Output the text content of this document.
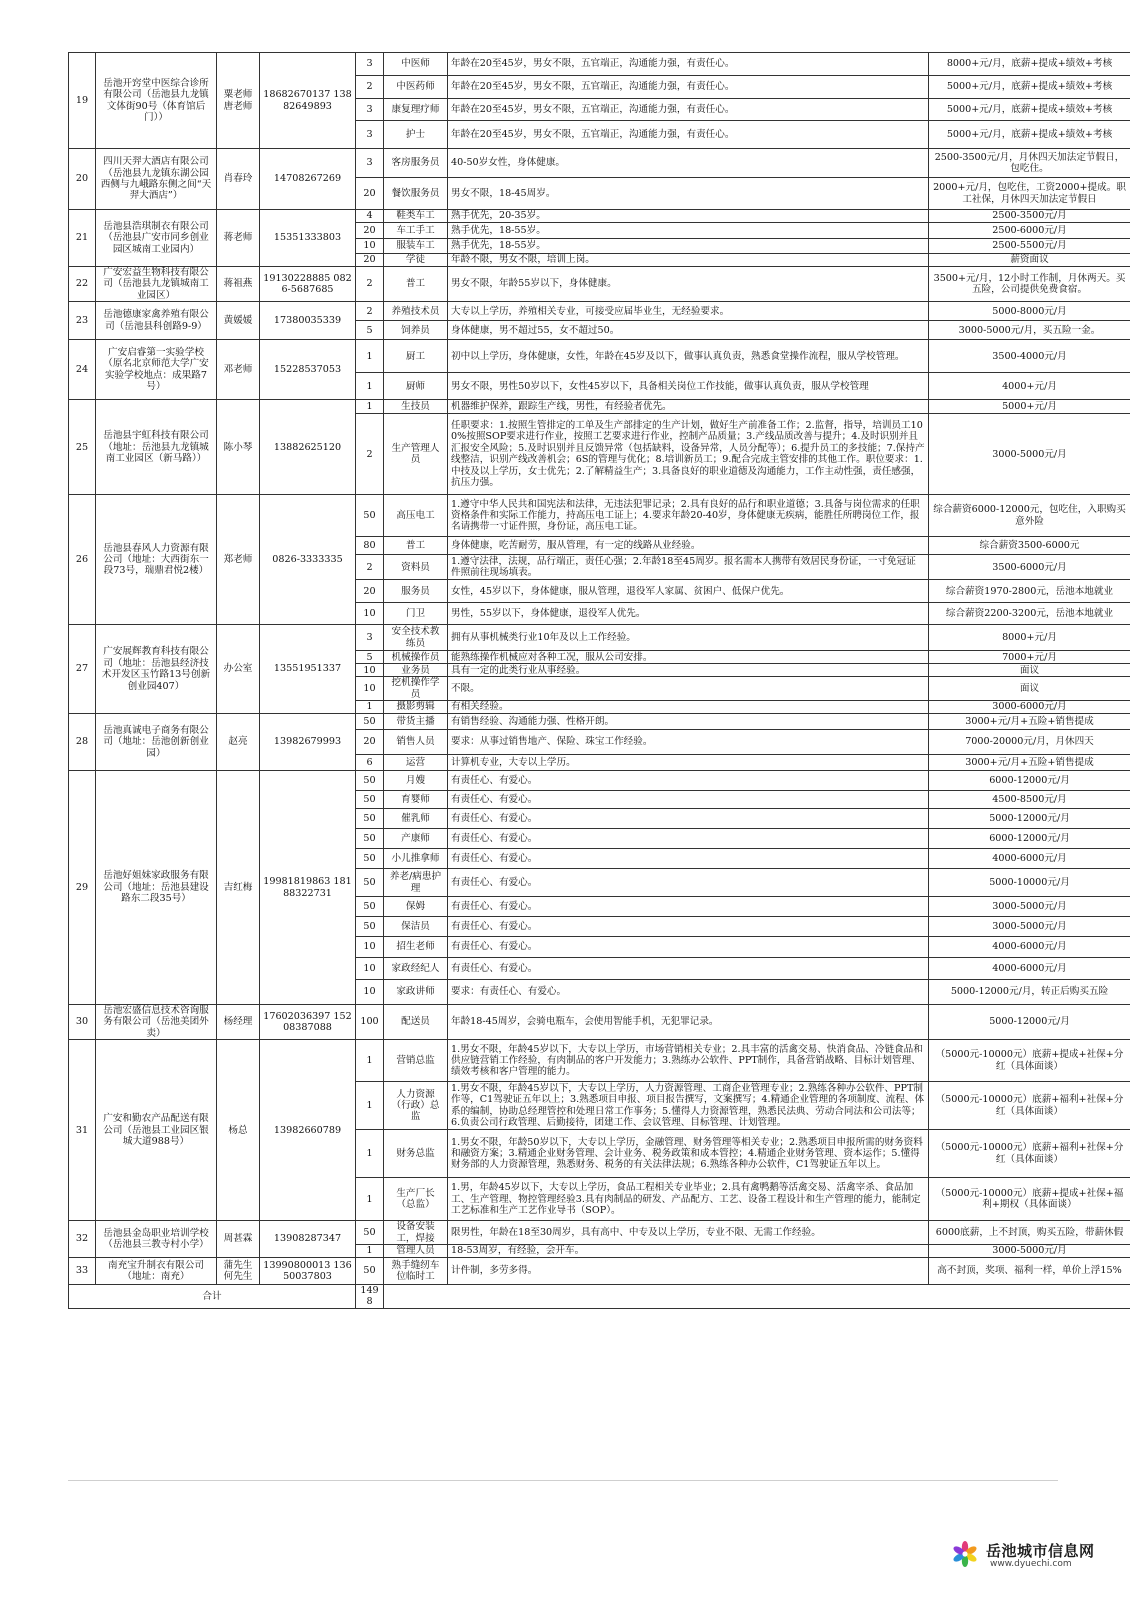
19	岳池开窍堂中医综合诊所有限公司（岳池县九龙镇文体街90号（体育馆后门））	粟老师 唐老师	18682670137 13882649893	3	中医师	年龄在20至45岁，男女不限，五官端正，沟通能力强，有责任心。	8000+元/月，底薪+提成+绩效+考核
				2	中医药师	年龄在20至45岁，男女不限，五官端正，沟通能力强，有责任心。	5000+元/月，底薪+提成+绩效+考核
				3	康复理疗师	年龄在20至45岁，男女不限，五官端正，沟通能力强，有责任心。	5000+元/月，底薪+提成+绩效+考核
				3	护士	年龄在20至45岁，男女不限，五官端正，沟通能力强，有责任心。	5000+元/月，底薪+提成+绩效+考核
20	四川天羿大酒店有限公司（岳池县九龙镇东湖公园西侧与九峨路东侧之间“天羿大酒店”）	肖春玲	14708267269	3	客房服务员	40-50岁女性，身体健康。	2500-3500元/月，月休四天加法定节假日，包吃住。
				20	餐饮服务员	男女不限，18-45周岁。	2000+元/月，包吃住，工资2000+提成。职工社保，月休四天加法定节假日
21	岳池县浩琪制衣有限公司（岳池县广安市同乡创业园区城南工业园内）	蒋老师	15351333803	4	鞋类车工	熟手优先，20-35岁。	2500-3500元/月
				20	车工手工	熟手优先，18-55岁。	2500-6000元/月
				10	服装车工	熟手优先，18-55岁。	2500-5500元/月
				20	学徒	年龄不限，男女不限，培训上岗。	薪资面议
22	广安宏益生物科技有限公司（岳池县九龙镇城南工业园区）	蒋祖燕	19130228885 0826-5687685	2	普工	男女不限，年龄55岁以下，身体健康。	3500+元/月，12小时工作制，月休两天。买五险，公司提供免费食宿。
23	岳池德康家禽养殖有限公司（岳池县科创路9-9）	黄媛媛	17380035339	2	养殖技术员	大专以上学历，养殖相关专业，可接受应届毕业生，无经验要求。	5000-8000元/月
				5	饲养员	身体健康，男不超过55，女不超过50。	3000-5000元/月，买五险一金。
24	广安启睿第一实验学校（原名北京师范大学广安实验学校地点：成果路7号）	邓老师	15228537053	1	厨工	初中以上学历，身体健康，女性，年龄在45岁及以下，做事认真负责，熟悉食堂操作流程，服从学校管理。	3500-4000元/月
				1	厨师	男女不限，男性50岁以下，女性45岁以下，具备相关岗位工作技能，做事认真负责，服从学校管理	4000+元/月
25	岳池县宇虹科技有限公司（地址：岳池县九龙镇城南工业园区（新马路））	陈小琴	13882625120	1	生技员	机器维护保养，跟踪生产线，男性，有经验者优先。	5000+元/月
				2	生产管理人员	任职要求：1.按照生管排定的工单及生产部排定的生产计划，做好生产前准备工作；2.监督，指导，培训员工100%按照SOP要求进行作业，按照工艺要求进行作业，控制产品质量；3.产线品质改善与提升；4.及时识别并且汇报安全风险；5.及时识别并且反馈异常（包括缺料，设备异常，人员分配等）；6.提升员工的多技能；7.保持产线整洁，识别产线改善机会；6S的管理与优化；8.培训新员工；9.配合完成主管安排的其他工作。职位要求：1.中技及以上学历，女士优先；2.了解精益生产；3.具备良好的职业道德及沟通能力，工作主动性强，责任感强，抗压力强。	3000-5000元/月
26	岳池县春风人力资源有限公司（地址：大西街东一段73号，瑞鼎君悦2楼）	郑老师	0826-3333335	50	高压电工	1.遵守中华人民共和国宪法和法律，无违法犯罪记录；2.具有良好的品行和职业道德；3.具备与岗位需求的任职资格条件和实际工作能力，持高压电工证上；4.要求年龄20-40岁，身体健康无疾病，能胜任所聘岗位工作，报名请携带一寸证件照，身份证，高压电工证。	综合薪资6000-12000元，包吃住，入职购买意外险
				80	普工	身体健康，吃苦耐劳，服从管理，有一定的线路从业经验。	综合薪资3500-6000元
				2	资料员	1.遵守法律，法规，品行端正，责任心强；2.年龄18至45周岁。报名需本人携带有效居民身份证，一寸免冠证件照前往现场填表。	3500-6000元/月
				20	服务员	女性，45岁以下，身体健康，服从管理，退役军人家属、贫困户、低保户优先。	综合薪资1970-2800元，岳池本地就业
				10	门卫	男性，55岁以下，身体健康，退役军人优先。	综合薪资2200-3200元，岳池本地就业
27	广安展辉教育科技有限公司（地址：岳池县经济技术开发区玉竹路13号创新创业园407）	办公室	13551951337	3	安全技术教练员	拥有从事机械类行业10年及以上工作经验。	8000+元/月
				5	机械操作员	能熟练操作机械应对各种工况，服从公司安排。	7000+元/月
				10	业务员	具有一定的此类行业从事经验。	面议
				10	挖机操作学员	不限。	面议
				1	摄影剪辑	有相关经验。	3000-6000元/月
28	岳池真诚电子商务有限公司（地址：岳池创新创业园）	赵亮	13982679993	50	带货主播	有销售经验、沟通能力强、性格开朗。	3000+元/月+五险+销售提成
				20	销售人员	要求：从事过销售地产、保险、珠宝工作经验。	7000-20000元/月，月休四天
				6	运营	计算机专业，大专以上学历。	3000+元/月+五险+销售提成
29	岳池好姐妹家政服务有限公司（地址：岳池县建设路东二段35号）	吉红梅	19981819863 18188322731	50	月嫂	有责任心、有爱心。	6000-12000元/月
				50	育婴师	有责任心、有爱心。	4500-8500元/月
				50	催乳师	有责任心、有爱心。	5000-12000元/月
				50	产康师	有责任心、有爱心。	6000-12000元/月
				50	小儿推拿师	有责任心、有爱心。	4000-6000元/月
				50	养老/病患护理	有责任心、有爱心。	5000-10000元/月
				50	保姆	有责任心、有爱心。	3000-5000元/月
				50	保洁员	有责任心、有爱心。	3000-5000元/月
				10	招生老师	有责任心、有爱心。	4000-6000元/月
				10	家政经纪人	有责任心、有爱心。	4000-6000元/月
				10	家政讲师	要求：有责任心、有爱心。	5000-12000元/月，转正后购买五险
30	岳池宏盛信息技术咨询服务有限公司（岳池美团外卖）	杨经理	17602036397 15208387088	100	配送员	年龄18-45周岁，会骑电瓶车，会使用智能手机，无犯罪记录。	5000-12000元/月
31	广安和勤农产品配送有限公司（岳池县工业园区银城大道988号）	杨总	13982660789	1	营销总监	1.男女不限，年龄45岁以下，大专以上学历，市场营销相关专业；2.具丰富的活禽交易、快消食品、冷链食品和供应链营销工作经验，有肉制品的客户开发能力；3.熟练办公软件、PPT制作，具备营销战略、目标计划管理、绩效考核和客户管理的能力。	（5000元-10000元）底薪+提成+社保+分红（具体面谈）
				1	人力资源（行政）总监	1.男女不限，年龄45岁以下，大专以上学历，人力资源管理、工商企业管理专业；2.熟练各种办公软件、PPT制作等，C1驾驶证五年以上；3.熟悉项目申报、项目报告撰写，文案撰写；4.精通企业管理的各项制度、流程、体系的编制，协助总经理管控和处理日常工作事务；5.懂得人力资源管理，熟悉民法典、劳动合同法和公司法等；6.负责公司行政管理、后勤接待，团建工作、会议管理、目标管理、计划管理。	（5000元-10000元）底薪+福利+社保+分红（具体面谈）
				1	财务总监	1.男女不限，年龄50岁以下，大专以上学历，金融管理、财务管理等相关专业；2.熟悉项目申报所需的财务资料和融资方案；3.精通企业财务管理、会计业务、税务政策和成本管控；4.精通企业财务管理、资本运作；5.懂得财务部的人力资源管理，熟悉财务、税务的有关法律法规；6.熟练各种办公软件，C1驾驶证五年以上。	（5000元-10000元）底薪+福利+社保+分红（具体面谈）
				1	生产厂长（总监）	1.男，年龄45岁以下，大专以上学历，食品工程相关专业毕业；2.具有禽鸭鹅等活禽交易、活禽宰杀、食品加工、生产管理、物控管理经验3.具有肉制品的研发、产品配方、工艺、设备工程设计和生产管理的能力，能制定工艺标准和生产工艺作业导书（SOP）。	（5000元-10000元）底薪+提成+社保+福利+期权（具体面谈）
32	岳池县金岛职业培训学校（岳池县三教寺村小学）	周甚霖	13908287347	50	设备安装工，焊接	限男性，年龄在18至30周岁，具有高中、中专及以上学历，专业不限、无需工作经验。	6000底薪，上不封顶，购买五险，带薪休假
				1	管理人员	18-53周岁，有经验，会开车。	3000-5000元/月
33	南充宝升制衣有限公司（地址：南充）	蒲先生 何先生	13990800013 13650037803	50	熟手缝纫车位临时工	计件制，多劳多得。	高不封顶，奖项、福利一样，单价上浮15%
合计				1498			
岳池城市信息网
www.dyuechi.com
